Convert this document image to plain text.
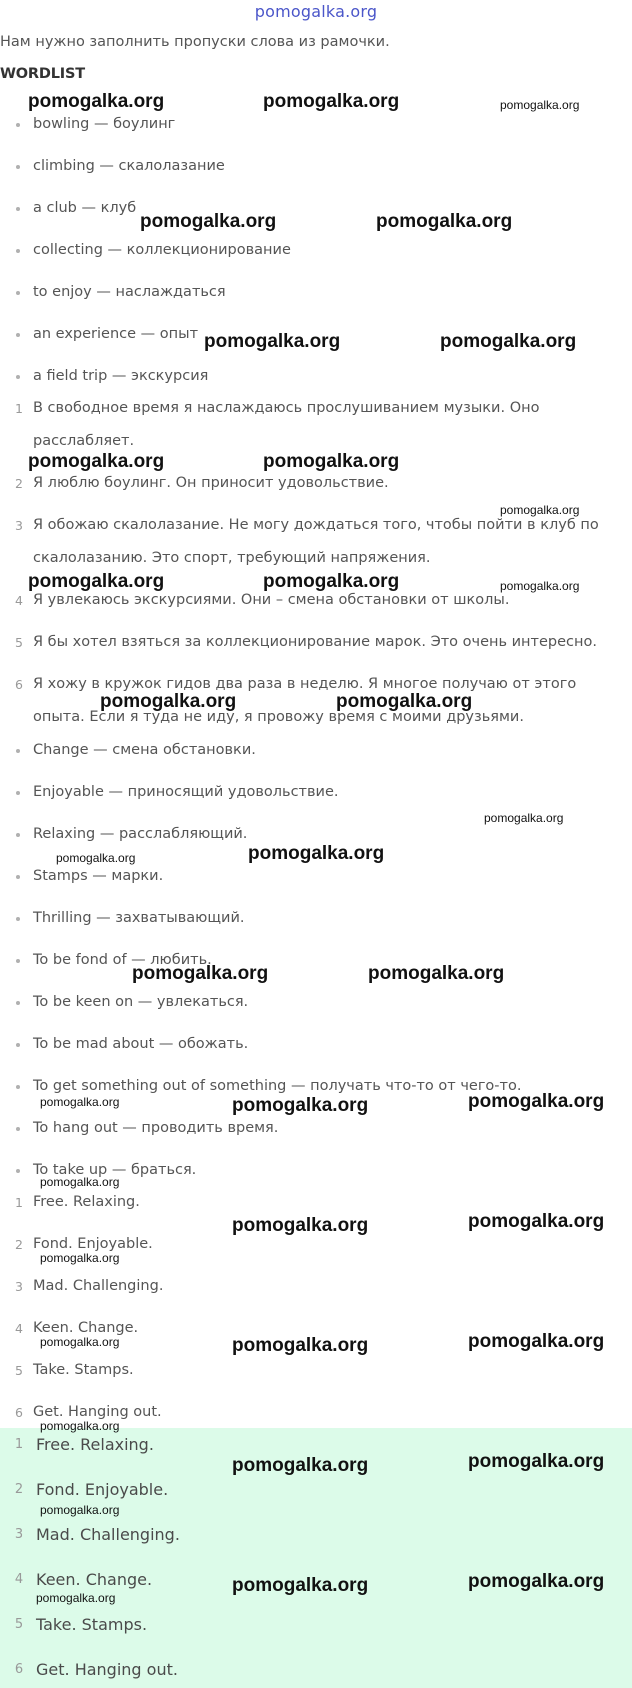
pomogalka.org
Нам нужно заполнить пропуски слова из рамочки.
WORDLIST
bowling — боулинг
climbing — скалолазание
a club — клуб
collecting — коллекционирование
to enjoy — наслаждаться
an experience — опыт
a field trip — экскурсия
1 В свободное время я наслаждаюсь прослушиванием музыки. Оно
расслабляет.
2 Я люблю боулинг. Он приносит удовольствие.
3 Я обожаю скалолазание. Не могу дождаться того, чтобы пойти в клуб по
скалолазанию. Это спорт, требующий напряжения.
4 Я увлекаюсь экскурсиями. Они – смена обстановки от школы.
5 Я бы хотел взяться за коллекционирование марок. Это очень интересно.
6 Я хожу в кружок гидов два раза в неделю. Я многое получаю от этого
опыта. Если я туда не иду, я провожу время с моими друзьями.
Change — смена обстановки.
Enjoyable — приносящий удовольствие.
Relaxing — расслабляющий.
Stamps — марки.
Thrilling — захватывающий.
To be fond of — любить.
To be keen on — увлекаться.
To be mad about — обожать.
To get something out of something — получать что-то от чего-то.
To hang out — проводить время.
To take up — браться.
1 Free. Relaxing.
2 Fond. Enjoyable.
3 Mad. Challenging.
4 Keen. Change.
5 Take. Stamps.
6 Get. Hanging out.
1 Free. Relaxing.
2 Fond. Enjoyable.
3 Mad. Challenging.
4 Keen. Change.
5 Take. Stamps.
6 Get. Hanging out.
pomogalka.org	pomogalka.org	pomogalka.org
pomogalka.org	pomogalka.org
pomogalka.org	pomogalka.org
pomogalka.org	pomogalka.org
pomogalka.org
pomogalka.org	pomogalka.org	pomogalka.org
pomogalka.org	pomogalka.org
pomogalka.org
pomogalka.org	pomogalka.org
pomogalka.org	pomogalka.org
pomogalka.org	pomogalka.org	pomogalka.org
pomogalka.org
pomogalka.org	pomogalka.org
pomogalka.org
pomogalka.org	pomogalka.org	pomogalka.org
pomogalka.org
pomogalka.org	pomogalka.org
pomogalka.org
pomogalka.org
pomogalka.org	pomogalka.org
